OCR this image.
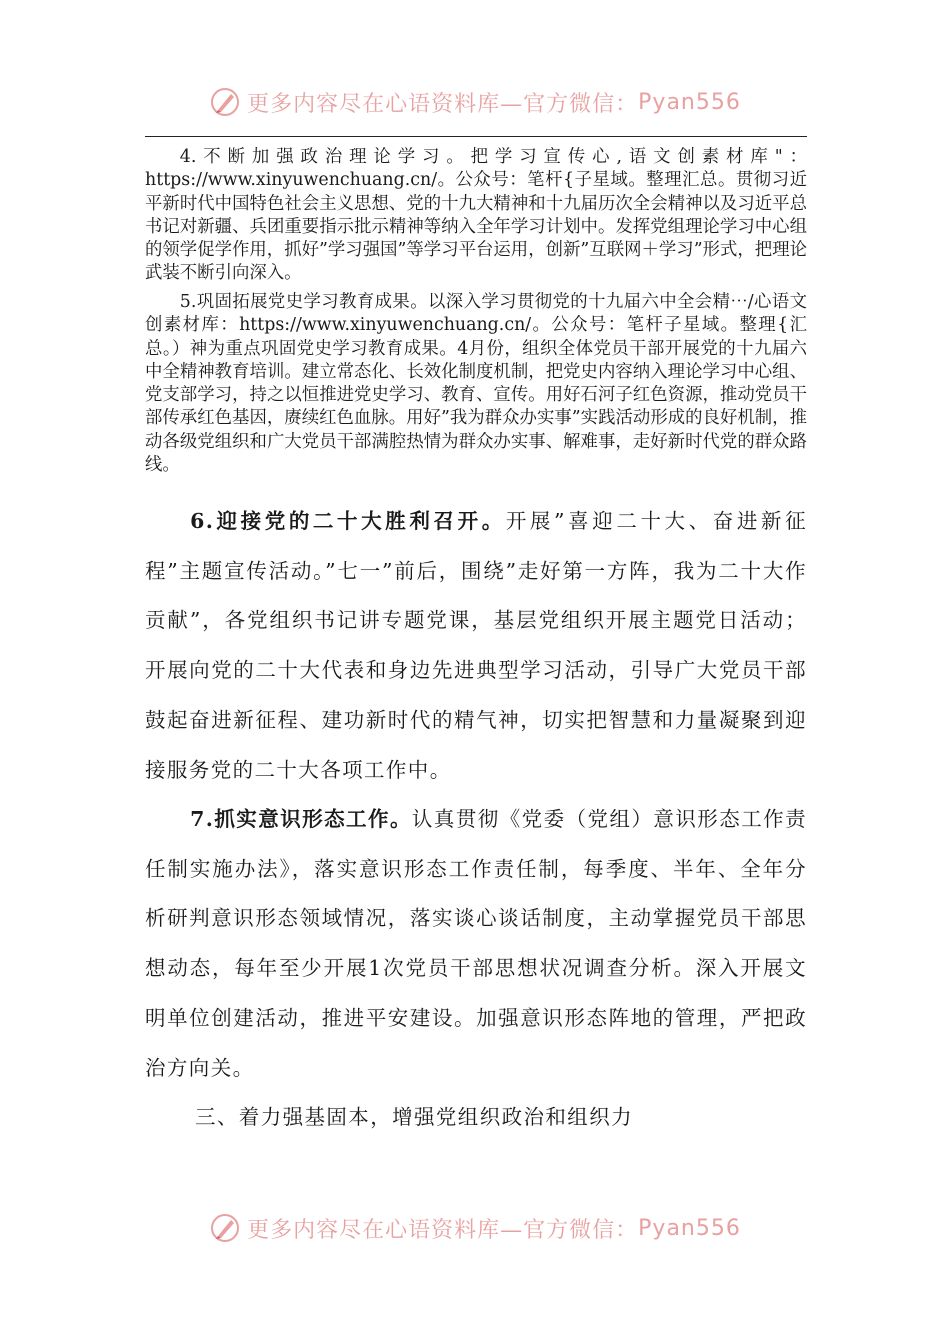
更多内容尽在心语资料库—官方微信： Pyan556

4.不断加强政治理论学习。把学习宣传心,语文创素材库"：https://www.xinyuwenchuang.cn/。公众号：笔杆{子星域。整理汇总。贯彻习近平新时代中国特色社会主义思想、党的十九大精神和十九届历次全会精神以及习近平总书记对新疆、兵团重要指示批示精神等纳入全年学习计划中。发挥党组理论学习中心组的领学促学作用，抓好”学习强国”等学习平台运用，创新”互联网＋学习”形式，把理论武装不断引向深入。

5.巩固拓展党史学习教育成果。以深入学习贯彻党的十九届六中全会精⋯/心语文创素材库：https://www.xinyuwenchuang.cn/。公众号：笔杆子星域。整理{汇总。）神为重点巩固党史学习教育成果。4月份，组织全体党员干部开展党的十九届六中全精神教育培训。建立常态化、长效化制度机制，把党史内容纳入理论学习中心组、党支部学习，持之以恒推进党史学习、教育、宣传。用好石河子红色资源，推动党员干部传承红色基因，赓续红色血脉。用好”我为群众办实事”实践活动形成的良好机制，推动各级党组织和广大党员干部满腔热情为群众办实事、解难事，走好新时代党的群众路线。

6.迎接党的二十大胜利召开。开展”喜迎二十大、奋进新征程”主题宣传活动。”七一”前后，围绕”走好第一方阵，我为二十大作贡献”，各党组织书记讲专题党课，基层党组织开展主题党日活动；开展向党的二十大代表和身边先进典型学习活动，引导广大党员干部鼓起奋进新征程、建功新时代的精气神，切实把智慧和力量凝聚到迎接服务党的二十大各项工作中。

7.抓实意识形态工作。认真贯彻《党委（党组）意识形态工作责任制实施办法》，落实意识形态工作责任制，每季度、半年、全年分析研判意识形态领域情况，落实谈心谈话制度，主动掌握党员干部思想动态，每年至少开展1次党员干部思想状况调查分析。深入开展文明单位创建活动，推进平安建设。加强意识形态阵地的管理，严把政治方向关。

三、着力强基固本，增强党组织政治和组织力
更多内容尽在心语资料库—官方微信： Pyan556
